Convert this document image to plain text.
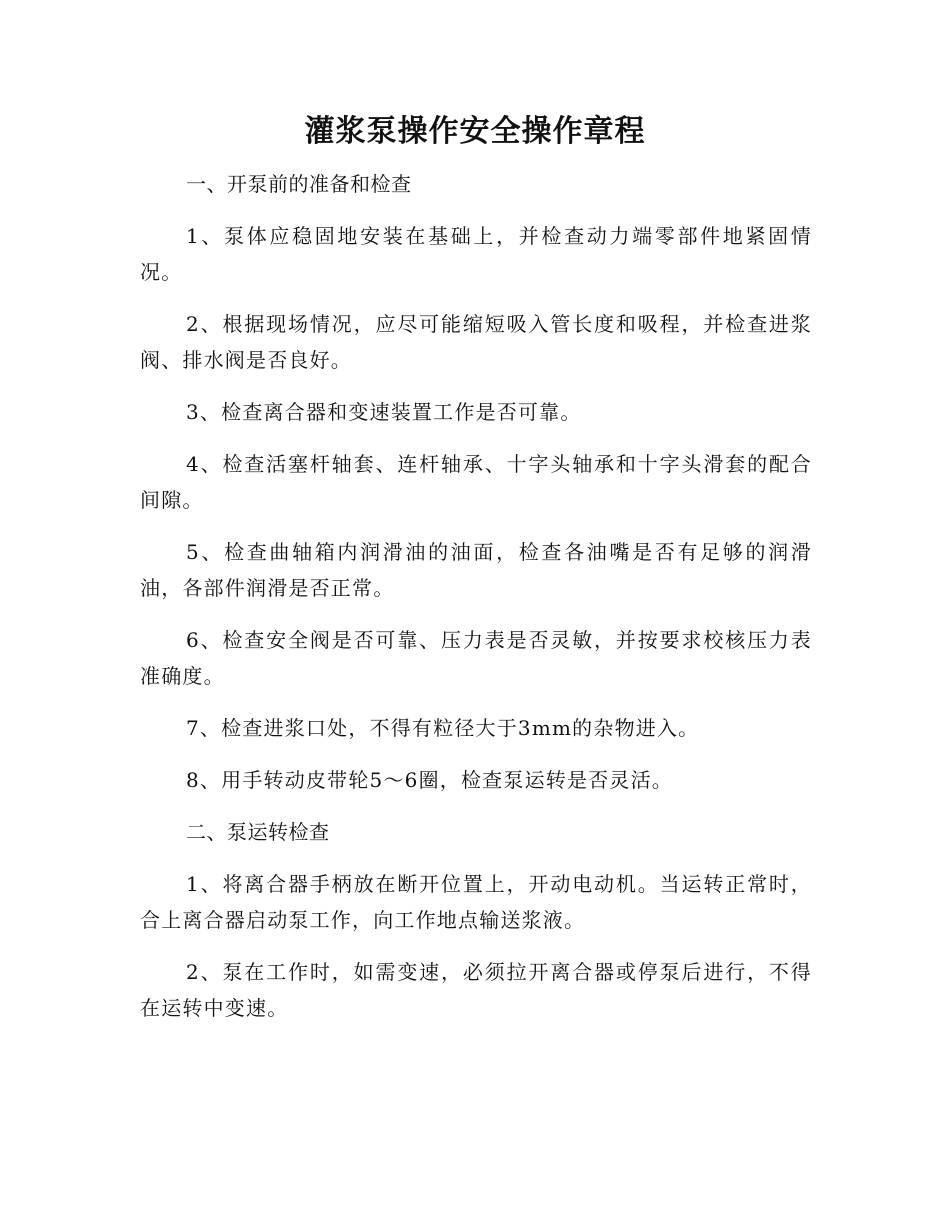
灌浆泵操作安全操作章程
一、开泵前的准备和检查
1、泵体应稳固地安装在基础上，并检查动力端零部件地紧固情况。
2、根据现场情况，应尽可能缩短吸入管长度和吸程，并检查进浆阀、排水阀是否良好。
3、检查离合器和变速装置工作是否可靠。
4、检查活塞杆轴套、连杆轴承、十字头轴承和十字头滑套的配合间隙。
5、检查曲轴箱内润滑油的油面，检查各油嘴是否有足够的润滑油，各部件润滑是否正常。
6、检查安全阀是否可靠、压力表是否灵敏，并按要求校核压力表准确度。
7、检查进浆口处，不得有粒径大于3mm的杂物进入。
8、用手转动皮带轮5～6圈，检查泵运转是否灵活。
二、泵运转检查
1、将离合器手柄放在断开位置上，开动电动机。当运转正常时，合上离合器启动泵工作，向工作地点输送浆液。
2、泵在工作时，如需变速，必须拉开离合器或停泵后进行，不得在运转中变速。
